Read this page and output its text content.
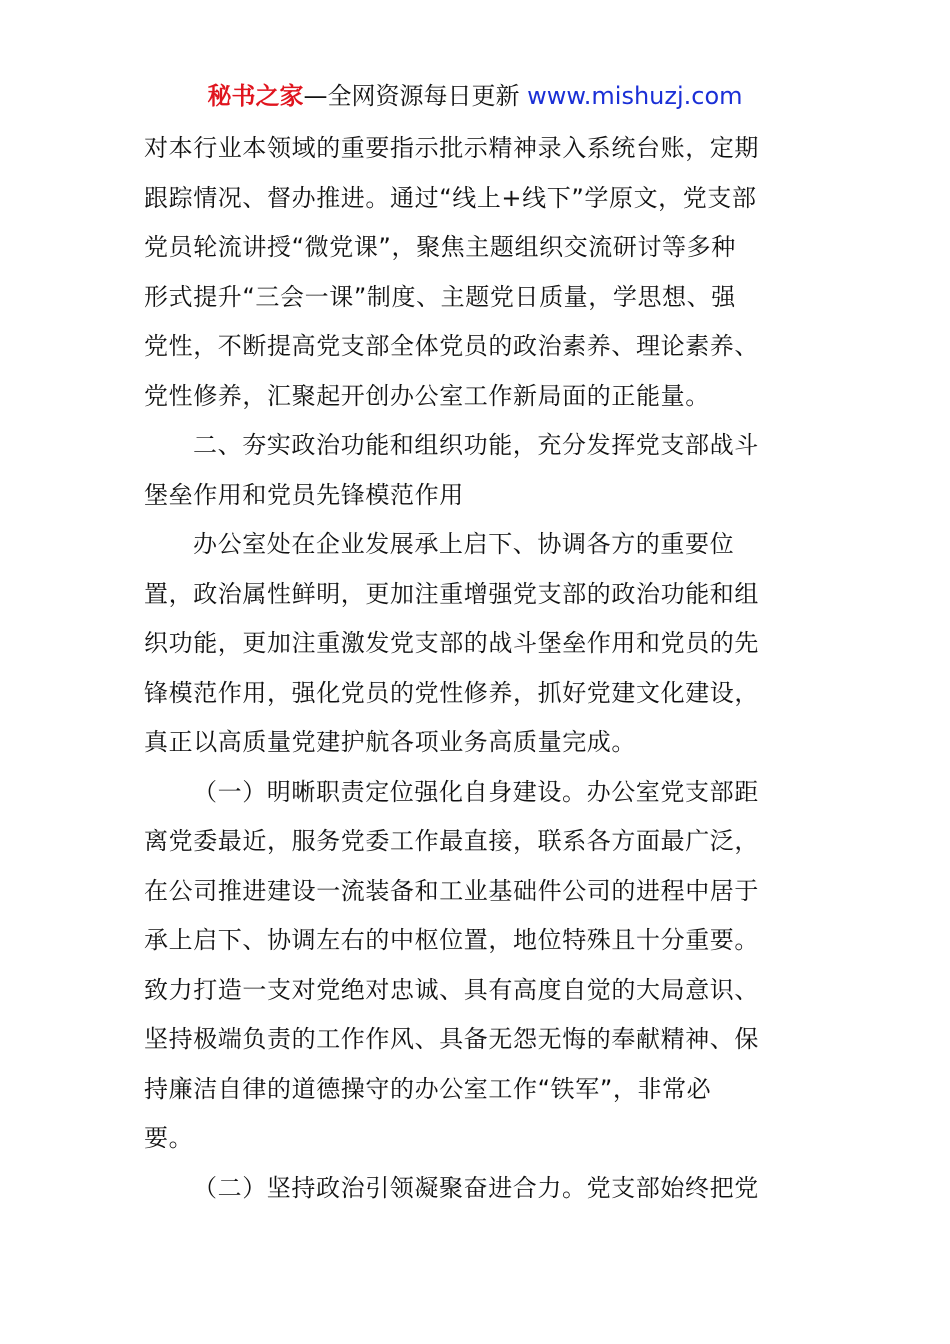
秘书之家—全网资源每日更新 www.mishuzj.com
对本行业本领域的重要指示批示精神录入系统台账，定期
跟踪情况、督办推进。通过“线上+线下”学原文，党支部
党员轮流讲授“微党课”，聚焦主题组织交流研讨等多种
形式提升“三会一课”制度、主题党日质量，学思想、强
党性，不断提高党支部全体党员的政治素养、理论素养、
党性修养，汇聚起开创办公室工作新局面的正能量。
二、夯实政治功能和组织功能，充分发挥党支部战斗
堡垒作用和党员先锋模范作用
办公室处在企业发展承上启下、协调各方的重要位
置，政治属性鲜明，更加注重增强党支部的政治功能和组
织功能，更加注重激发党支部的战斗堡垒作用和党员的先
锋模范作用，强化党员的党性修养，抓好党建文化建设，
真正以高质量党建护航各项业务高质量完成。
（一）明晰职责定位强化自身建设。办公室党支部距
离党委最近，服务党委工作最直接，联系各方面最广泛，
在公司推进建设一流装备和工业基础件公司的进程中居于
承上启下、协调左右的中枢位置，地位特殊且十分重要。
致力打造一支对党绝对忠诚、具有高度自觉的大局意识、
坚持极端负责的工作作风、具备无怨无悔的奉献精神、保
持廉洁自律的道德操守的办公室工作“铁军”，非常必
要。
（二）坚持政治引领凝聚奋进合力。党支部始终把党
